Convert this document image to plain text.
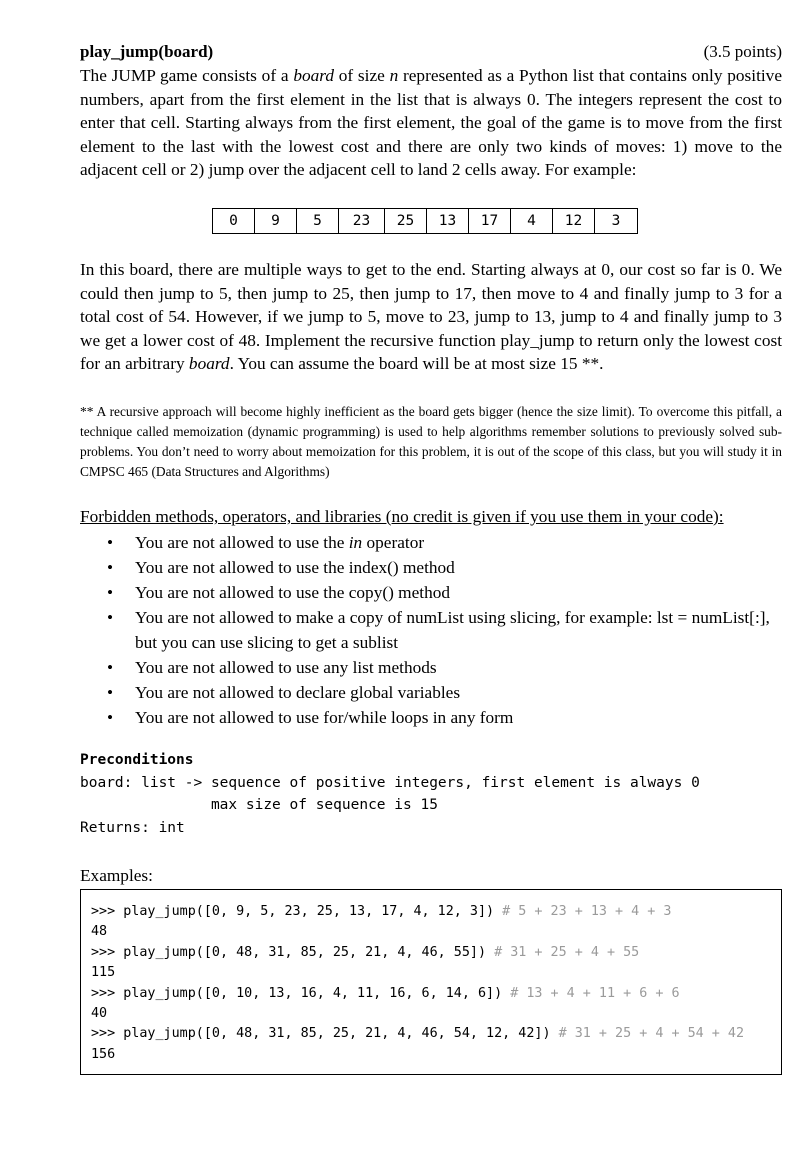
play_jump(board)	(3.5 points)
The JUMP game consists of a board of size n represented as a Python list that contains only positive numbers, apart from the first element in the list that is always 0. The integers represent the cost to enter that cell. Starting always from the first element, the goal of the game is to move from the first element to the last with the lowest cost and there are only two kinds of moves: 1) move to the adjacent cell or 2) jump over the adjacent cell to land 2 cells away. For example:
0	9	5	23	25	13	17	4	12	3
In this board, there are multiple ways to get to the end. Starting always at 0, our cost so far is 0. We could then jump to 5, then jump to 25, then jump to 17, then move to 4 and finally jump to 3 for a total cost of 54. However, if we jump to 5, move to 23, jump to 13, jump to 4 and finally jump to 3 we get a lower cost of 48. Implement the recursive function play_jump to return only the lowest cost for an arbitrary board. You can assume the board will be at most size 15 **.
** A recursive approach will become highly inefficient as the board gets bigger (hence the size limit). To overcome this pitfall, a technique called memoization (dynamic programming) is used to help algorithms remember solutions to previously solved sub-problems. You don’t need to worry about memoization for this problem, it is out of the scope of this class, but you will study it in CMPSC 465 (Data Structures and Algorithms)
Forbidden methods, operators, and libraries (no credit is given if you use them in your code):
• You are not allowed to use the in operator
• You are not allowed to use the index() method
• You are not allowed to use the copy() method
• You are not allowed to make a copy of numList using slicing, for example: lst = numList[:], but you can use slicing to get a sublist
• You are not allowed to use any list methods
• You are not allowed to declare global variables
• You are not allowed to use for/while loops in any form
Preconditions
board: list -> sequence of positive integers, first element is always 0
max size of sequence is 15
Returns: int
Examples:
>>> play_jump([0, 9, 5, 23, 25, 13, 17, 4, 12, 3]) # 5 + 23 + 13 + 4 + 3
48
>>> play_jump([0, 48, 31, 85, 25, 21, 4, 46, 55]) # 31 + 25 + 4 + 55
115
>>> play_jump([0, 10, 13, 16, 4, 11, 16, 6, 14, 6]) # 13 + 4 + 11 + 6 + 6
40
>>> play_jump([0, 48, 31, 85, 25, 21, 4, 46, 54, 12, 42]) # 31 + 25 + 4 + 54 + 42
156
